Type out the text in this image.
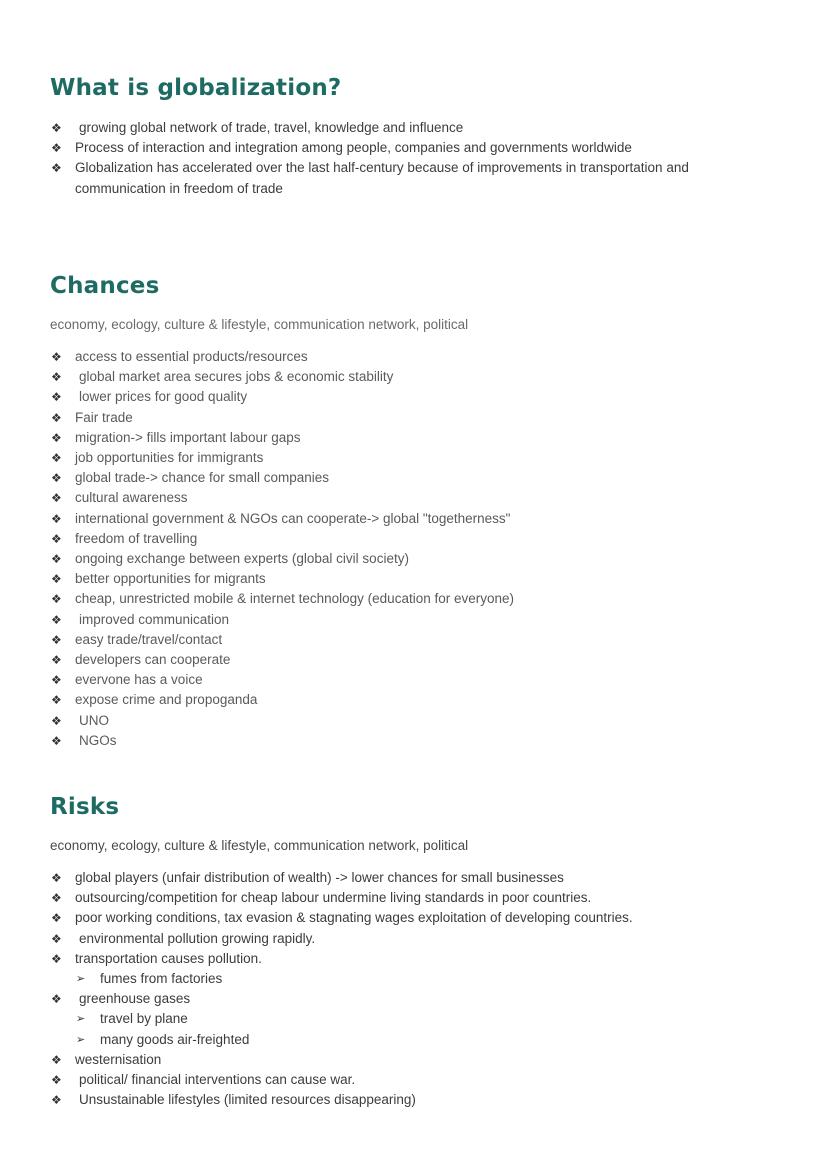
What is globalization?
❖ growing global network of trade, travel, knowledge and influence
❖ Process of interaction and integration among people, companies and governments worldwide
❖ Globalization has accelerated over the last half-century because of improvements in transportation and communication in freedom of trade
Chances

economy, ecology, culture & lifestyle, communication network, political

❖ access to essential products/resources
❖ global market area secures jobs & economic stability
❖ lower prices for good quality
❖ Fair trade
❖ migration-> fills important labour gaps
❖ job opportunities for immigrants
❖ global trade-> chance for small companies
❖ cultural awareness
❖ international government & NGOs can cooperate-> global "togetherness"
❖ freedom of travelling
❖ ongoing exchange between experts (global civil society)
❖ better opportunities for migrants
❖ cheap, unrestricted mobile & internet technology (education for everyone)
❖ improved communication
❖ easy trade/travel/contact
❖ developers can cooperate
❖ evervone has a voice
❖ expose crime and propoganda
❖ UNO
❖ NGOs
Risks

economy, ecology, culture & lifestyle, communication network, political

❖ global players (unfair distribution of wealth) -> lower chances for small businesses
❖ outsourcing/competition for cheap labour undermine living standards in poor countries.
❖ poor working conditions, tax evasion & stagnating wages exploitation of developing countries.
❖ environmental pollution growing rapidly.
❖ transportation causes pollution.
➢ fumes from factories
❖ greenhouse gases
➢ travel by plane
➢ many goods air-freighted
❖ westernisation
❖ political/ financial interventions can cause war.
❖ Unsustainable lifestyles (limited resources disappearing)
